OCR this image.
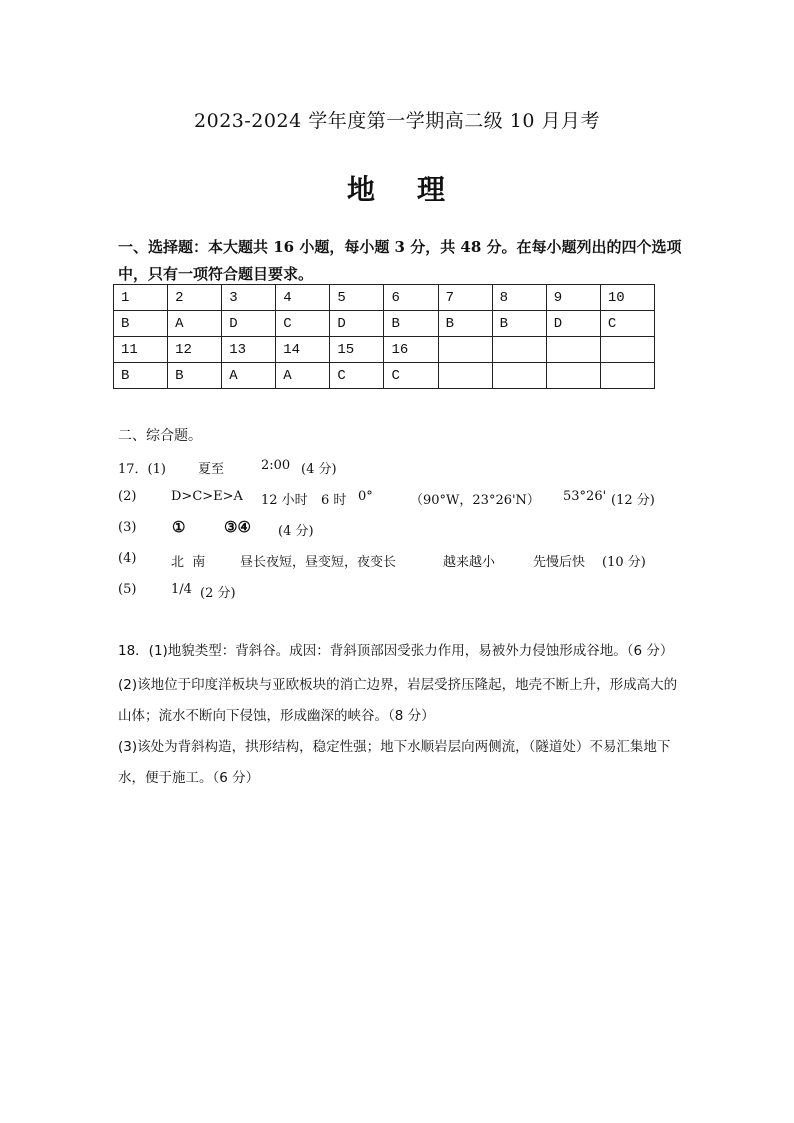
2023-2024 学年度第一学期高二级 10 月月考
地 理
一、选择题：本大题共 16 小题，每小题 3 分，共 48 分。在每小题列出的四个选项中，只有一项符合题目要求。
1	2	3	4	5	6	7	8	9	10
B	A	D	C	D	B	B	B	D	C
11	12	13	14	15	16				
B	B	A	A	C	C				
二、综合题。
17．(1) 夏至	2:00 (4 分)
(2)	D>C>E>A 12 小时 6 时 0°	（90°W，23°26'N） 53°26' (12 分)
(3) ①	③④ (4 分)
(4)	北  南	昼长夜短，昼变短，夜变长	越来越小	先慢后快 (10 分)
(5)	1/4 (2 分)
18．(1)地貌类型：背斜谷。成因：背斜顶部因受张力作用，易被外力侵蚀形成谷地。（6 分）
(2)该地位于印度洋板块与亚欧板块的消亡边界，岩层受挤压隆起，地壳不断上升，形成高大的山体；流水不断向下侵蚀，形成幽深的峡谷。（8 分）
(3)该处为背斜构造，拱形结构，稳定性强；地下水顺岩层向两侧流，（隧道处）不易汇集地下水，便于施工。（6 分）
